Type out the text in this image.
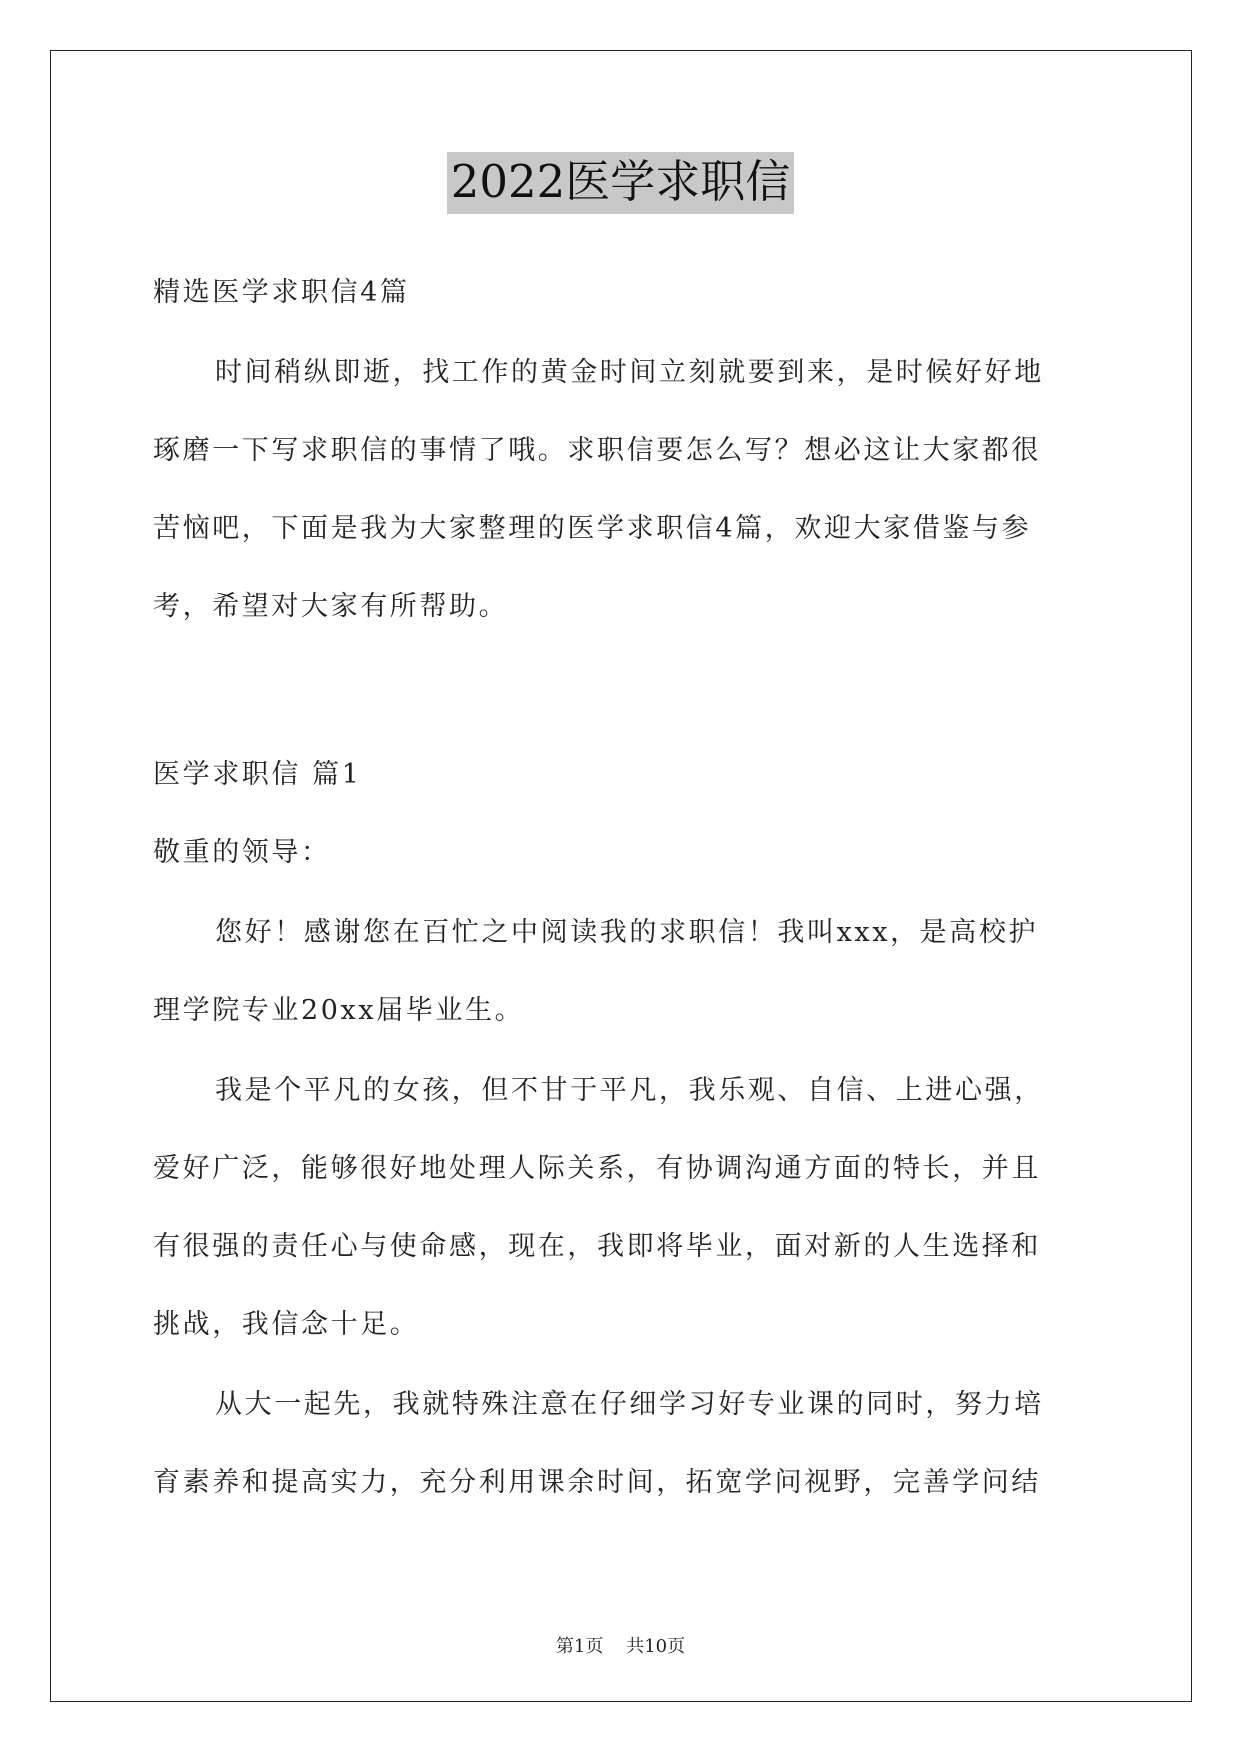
2022医学求职信
精选医学求职信4篇
时间稍纵即逝，找工作的黄金时间立刻就要到来，是时候好好地
琢磨一下写求职信的事情了哦。求职信要怎么写？想必这让大家都很
苦恼吧，下面是我为大家整理的医学求职信4篇，欢迎大家借鉴与参
考，希望对大家有所帮助。
医学求职信 篇1
敬重的领导：
您好！感谢您在百忙之中阅读我的求职信！我叫xxx，是高校护
理学院专业20xx届毕业生。
我是个平凡的女孩，但不甘于平凡，我乐观、自信、上进心强，
爱好广泛，能够很好地处理人际关系，有协调沟通方面的特长，并且
有很强的责任心与使命感，现在，我即将毕业，面对新的人生选择和
挑战，我信念十足。
从大一起先，我就特殊注意在仔细学习好专业课的同时，努力培
育素养和提高实力，充分利用课余时间，拓宽学问视野，完善学问结
第1页 共10页
